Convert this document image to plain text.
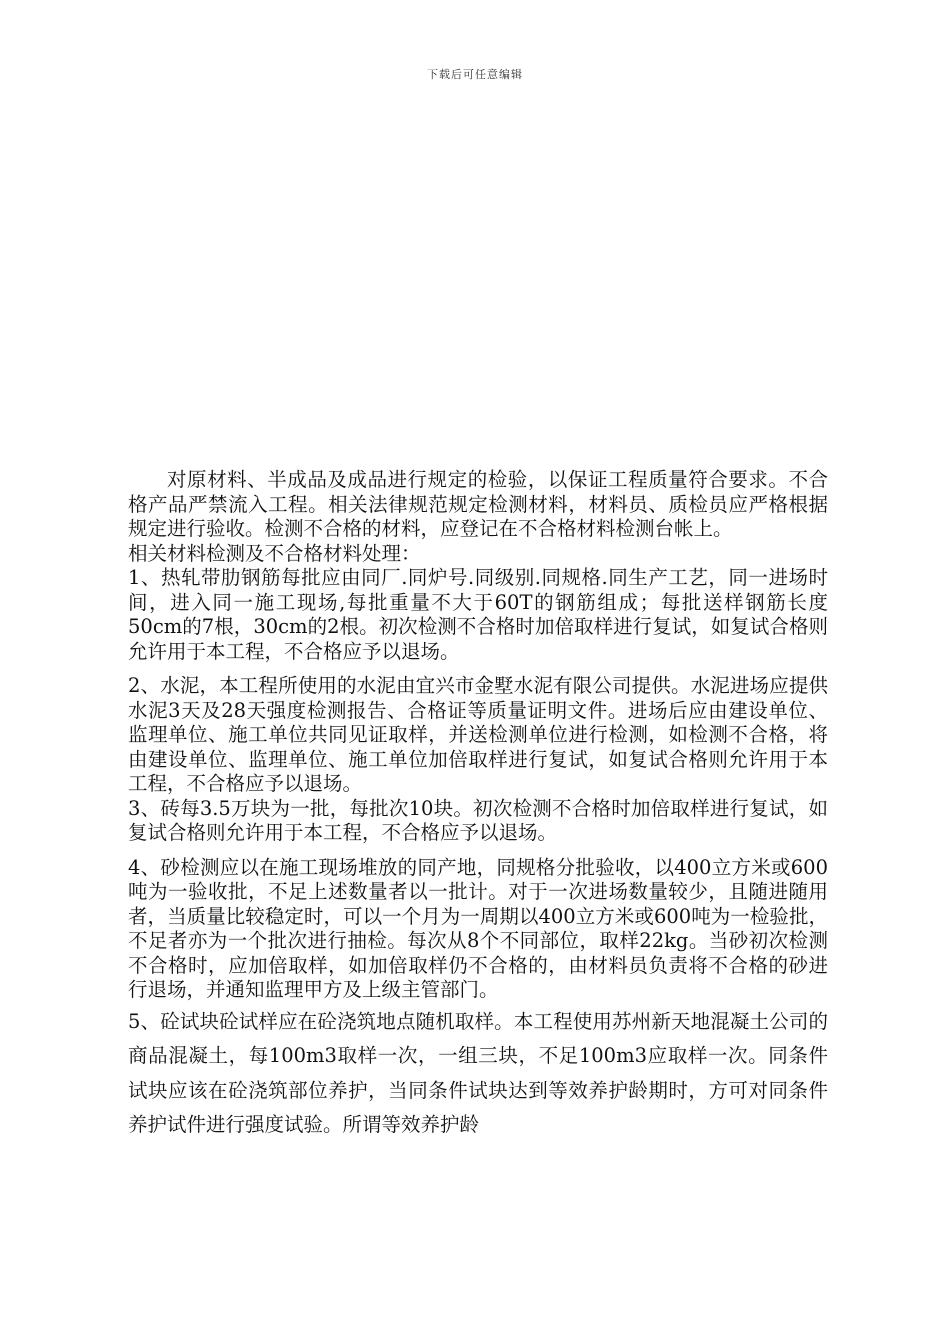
下载后可任意编辑

对原材料、半成品及成品进行规定的检验，以保证工程质量符合要求。不合格产品严禁流入工程。相关法律规范规定检测材料，材料员、质检员应严格根据规定进行验收。检测不合格的材料，应登记在不合格材料检测台帐上。

相关材料检测及不合格材料处理：

1、热轧带肋钢筋每批应由同厂.同炉号.同级别.同规格.同生产工艺，同一进场时间，进入同一施工现场,每批重量不大于60T的钢筋组成；每批送样钢筋长度50cm的7根，30cm的2根。初次检测不合格时加倍取样进行复试，如复试合格则允许用于本工程，不合格应予以退场。

2、水泥，本工程所使用的水泥由宜兴市金墅水泥有限公司提供。水泥进场应提供水泥3天及28天强度检测报告、合格证等质量证明文件。进场后应由建设单位、监理单位、施工单位共同见证取样，并送检测单位进行检测，如检测不合格，将由建设单位、监理单位、施工单位加倍取样进行复试，如复试合格则允许用于本工程，不合格应予以退场。

3、砖每3.5万块为一批，每批次10块。初次检测不合格时加倍取样进行复试，如复试合格则允许用于本工程，不合格应予以退场。

4、砂检测应以在施工现场堆放的同产地，同规格分批验收，以400立方米或600吨为一验收批，不足上述数量者以一批计。对于一次进场数量较少，且随进随用者，当质量比较稳定时，可以一个月为一周期以400立方米或600吨为一检验批，不足者亦为一个批次进行抽检。每次从8个不同部位，取样22kg。当砂初次检测不合格时，应加倍取样，如加倍取样仍不合格的，由材料员负责将不合格的砂进行退场，并通知监理甲方及上级主管部门。

5、砼试块砼试样应在砼浇筑地点随机取样。本工程使用苏州新天地混凝土公司的商品混凝土，每100m3取样一次，一组三块，不足100m3应取样一次。同条件试块应该在砼浇筑部位养护，当同条件试块达到等效养护龄期时，方可对同条件养护试件进行强度试验。所谓等效养护龄
